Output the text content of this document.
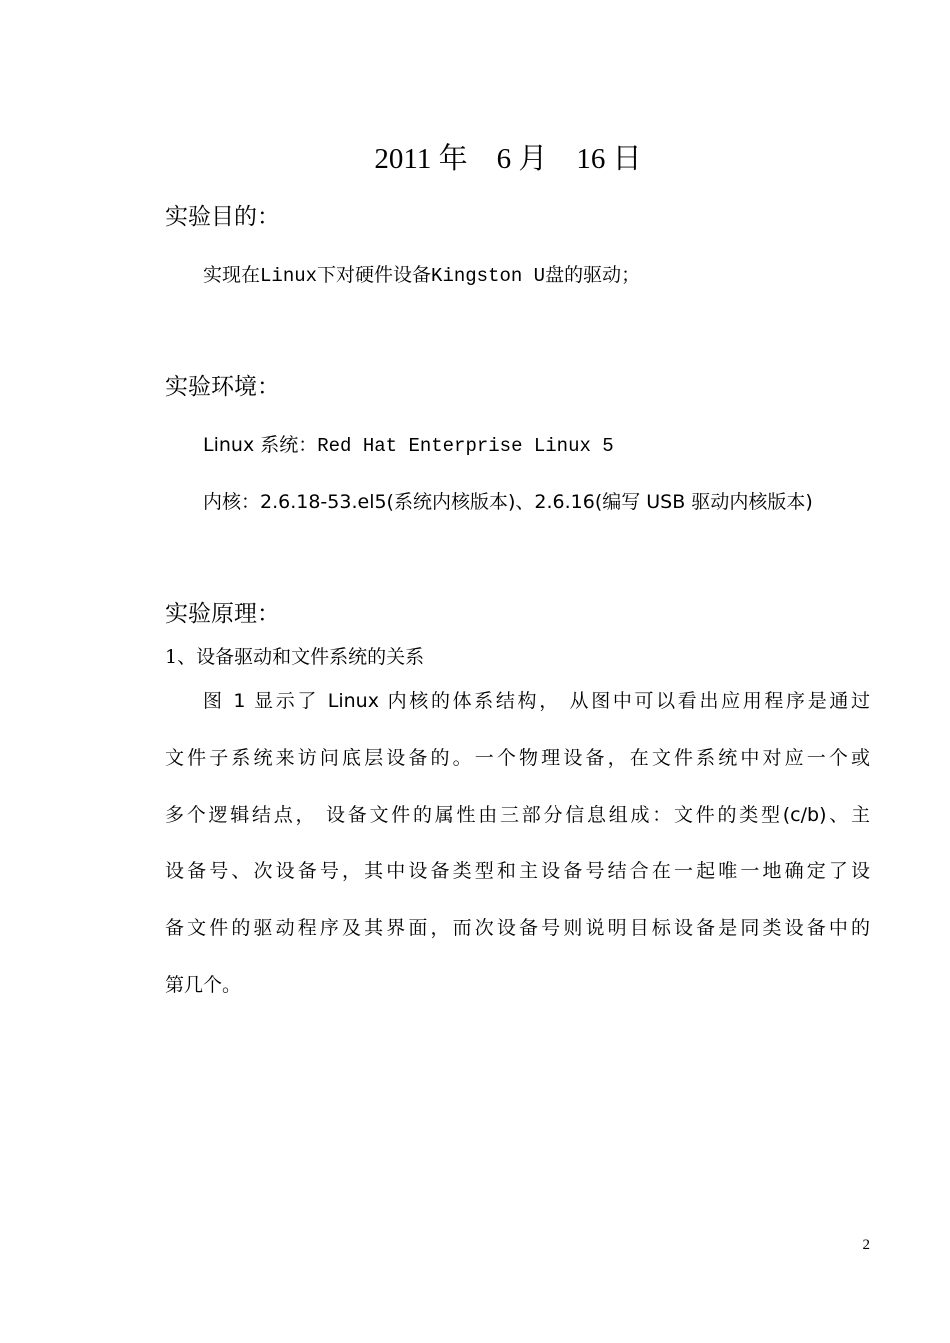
2011 年　6 月　16 日
实验目的：
实现在Linux下对硬件设备Kingston U盘的驱动；
实验环境：
Linux 系统：Red Hat Enterprise Linux 5
内核：2.6.18-53.el5(系统内核版本)、2.6.16(编写 USB 驱动内核版本)
实验原理：
1、设备驱动和文件系统的关系
图 1 显示了 Linux 内核的体系结构， 从图中可以看出应用程序是通过
文件子系统来访问底层设备的。一个物理设备，在文件系统中对应一个或
多个逻辑结点， 设备文件的属性由三部分信息组成：文件的类型(c/b)、主
设备号、次设备号，其中设备类型和主设备号结合在一起唯一地确定了设
备文件的驱动程序及其界面，而次设备号则说明目标设备是同类设备中的
第几个。
2
